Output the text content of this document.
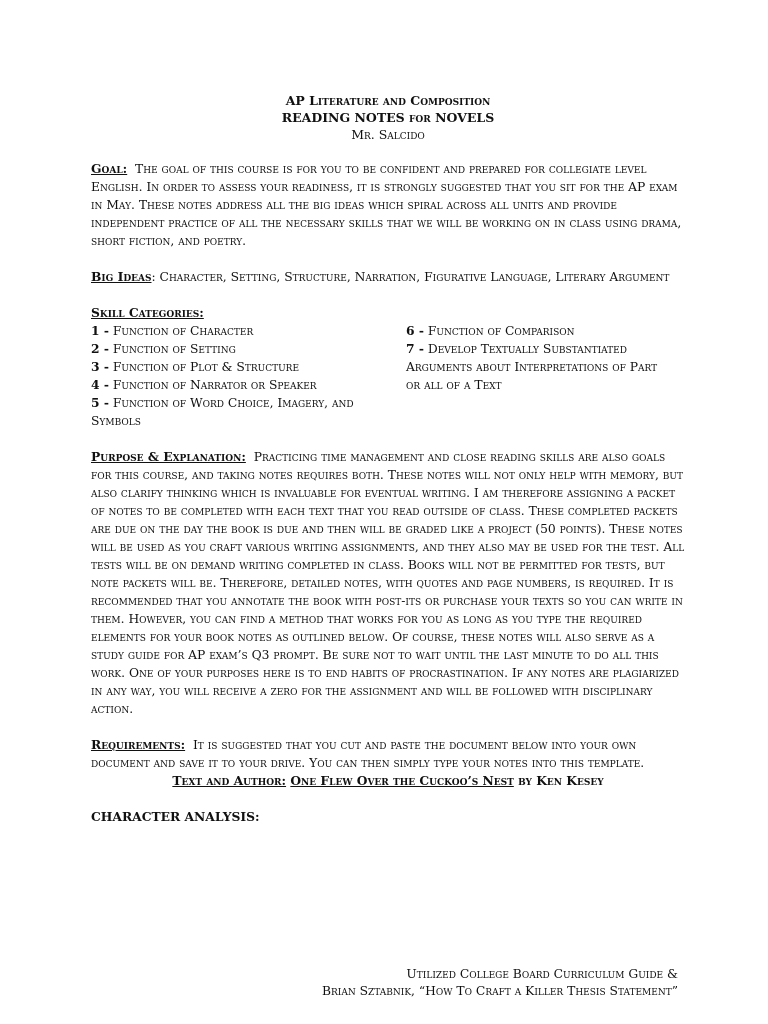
AP Literature and Composition
READING NOTES for NOVELS
Mr. Salcido

Goal: The goal of this course is for you to be confident and prepared for collegiate level English. In order to assess your readiness, it is strongly suggested that you sit for the AP exam in May. These notes address all the big ideas which spiral across all units and provide independent practice of all the necessary skills that we will be working on in class using drama, short fiction, and poetry.

Big Ideas: Character, Setting, Structure, Narration, Figurative Language, Literary Argument

Skill Categories:
1 - Function of Character
2 - Function of Setting
3 - Function of Plot & Structure
4 - Function of Narrator or Speaker
5 - Function of Word Choice, Imagery, and Symbols
6 - Function of Comparison
7 - Develop Textually Substantiated Arguments about Interpretations of Part or all of a Text

Purpose & Explanation: Practicing time management and close reading skills are also goals for this course, and taking notes requires both. These notes will not only help with memory, but also clarify thinking which is invaluable for eventual writing. I am therefore assigning a packet of notes to be completed with each text that you read outside of class. These completed packets are due on the day the book is due and then will be graded like a project (50 points). These notes will be used as you craft various writing assignments, and they also may be used for the test. All tests will be on demand writing completed in class. Books will not be permitted for tests, but note packets will be. Therefore, detailed notes, with quotes and page numbers, is required. It is recommended that you annotate the book with post-its or purchase your texts so you can write in them. However, you can find a method that works for you as long as you type the required elements for your book notes as outlined below. Of course, these notes will also serve as a study guide for AP exam’s Q3 prompt. Be sure not to wait until the last minute to do all this work. One of your purposes here is to end habits of procrastination. If any notes are plagiarized in any way, you will receive a zero for the assignment and will be followed with disciplinary action.

Requirements: It is suggested that you cut and paste the document below into your own document and save it to your drive. You can then simply type your notes into this template.

Text and Author: One Flew Over the Cuckoo’s Nest by Ken Kesey
CHARACTER ANALYSIS:
Utilized College Board Curriculum Guide &
Brian Sztabnik, “How To Craft a Killer Thesis Statement”
